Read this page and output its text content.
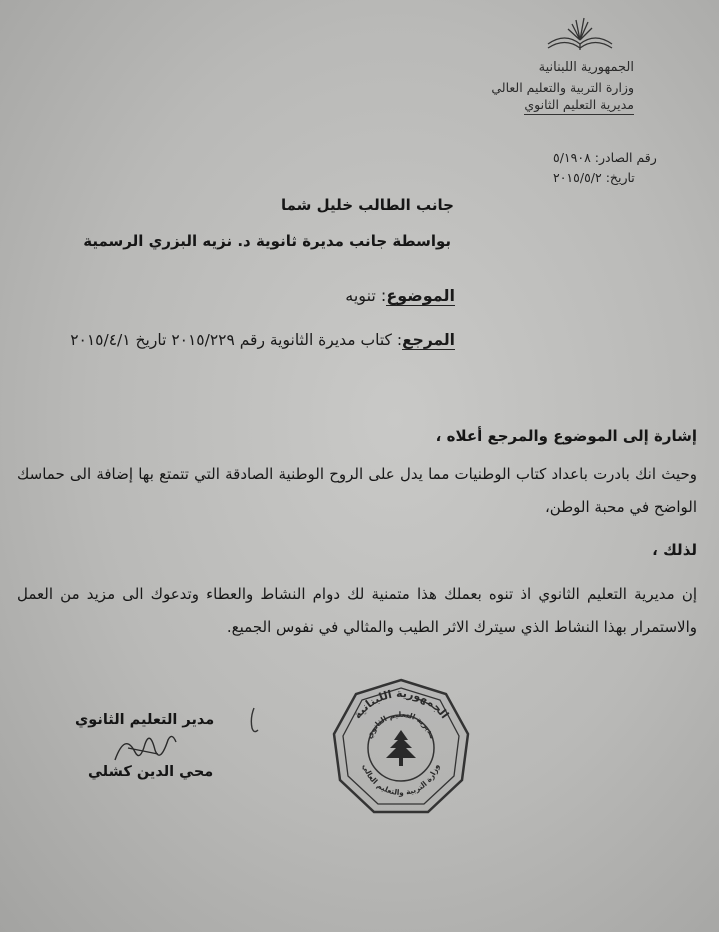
الجمهورية اللبنانية
وزارة التربية والتعليم العالي
مديرية التعليم الثانوي
رقم الصادر: ٥/١٩٠٨
تاريخ: ٢٠١٥/٥/٢
جانب الطالب خليل شما
بواسطة جانب مديرة ثانوية د. نزيه البزري الرسمية
الموضوع: تنويه
المرجع: كتاب مديرة الثانوية رقم ٢٠١٥/٢٢٩ تاريخ ٢٠١٥/٤/١
إشارة إلى الموضوع والمرجع أعلاه ،
وحيث انك بادرت باعداد كتاب الوطنيات مما يدل على الروح الوطنية الصادقة التي تتمتع بها إضافة الى حماسك الواضح في محبة الوطن،
لذلك ،
إن مديرية التعليم الثانوي اذ تنوه بعملك هذا متمنية لك دوام النشاط والعطاء وتدعوك الى مزيد من العمل والاستمرار بهذا النشاط الذي سيترك الاثر الطيب والمثالي في نفوس الجميع.
مدير التعليم الثانوي
محي الدين كشلي
الجمهورية اللبنانية
مديرية التعليم الثانوي
وزارة التربية والتعليم العالي
